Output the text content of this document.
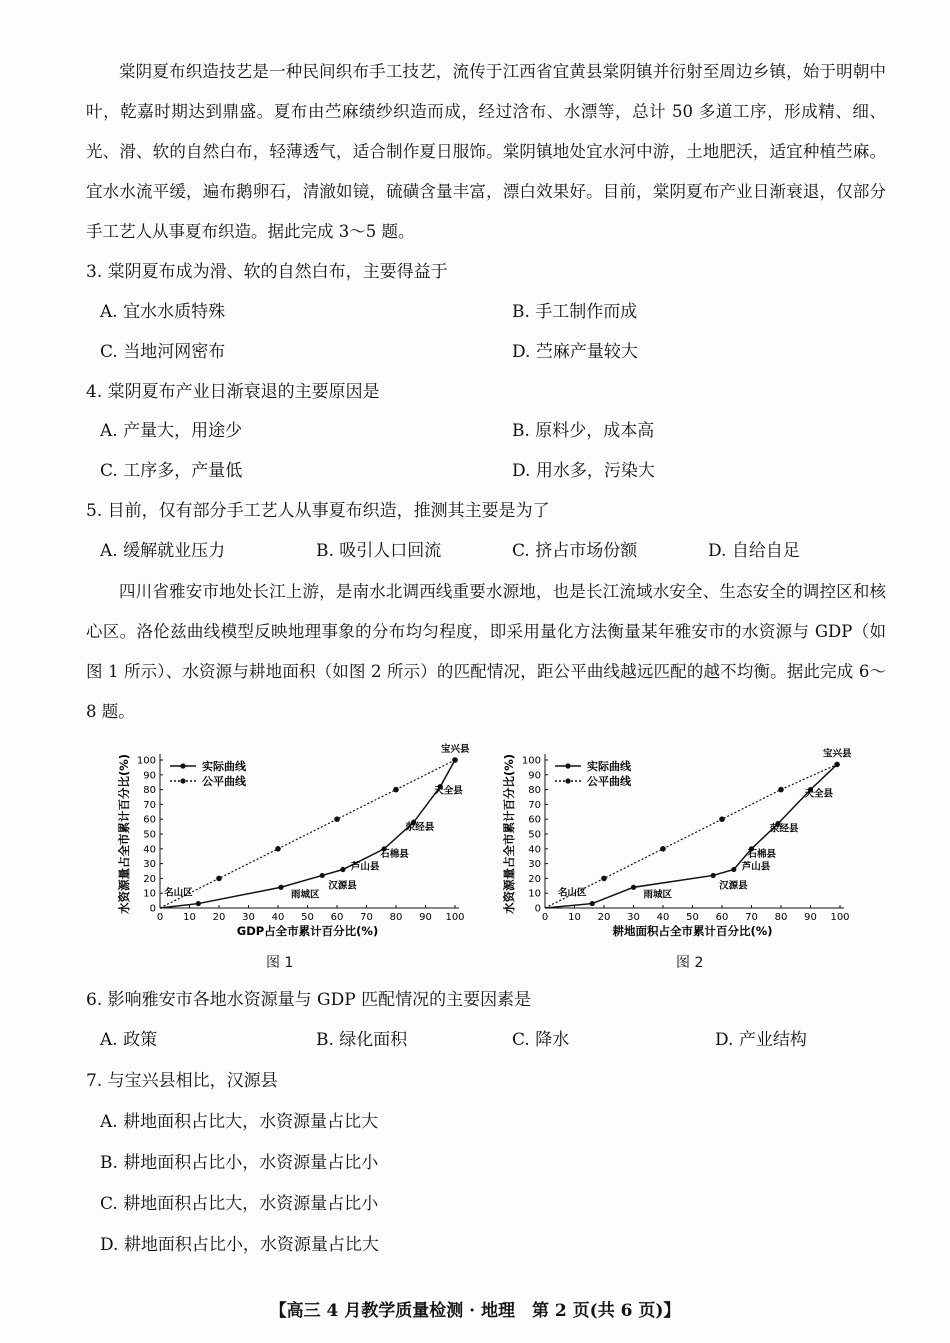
棠阴夏布织造技艺是一种民间织布手工技艺，流传于江西省宜黄县棠阴镇并衍射至周边乡镇，始于明朝中叶，乾嘉时期达到鼎盛。夏布由苎麻绩纱织造而成，经过浛布、水漂等，总计 50 多道工序，形成精、细、光、滑、软的自然白布，轻薄透气，适合制作夏日服饰。棠阴镇地处宜水河中游，土地肥沃，适宜种植苎麻。宜水水流平缓，遍布鹅卵石，清澈如镜，硫磺含量丰富，漂白效果好。目前，棠阴夏布产业日渐衰退，仅部分手工艺人从事夏布织造。据此完成 3～5 题。

3. 棠阴夏布成为滑、软的自然白布，主要得益于
A. 宜水水质特殊	B. 手工制作而成
C. 当地河网密布	D. 苎麻产量较大
4. 棠阴夏布产业日渐衰退的主要原因是
A. 产量大，用途少	B. 原料少，成本高
C. 工序多，产量低	D. 用水多，污染大
5. 目前，仅有部分手工艺人从事夏布织造，推测其主要是为了
A. 缓解就业压力	B. 吸引人口回流	C. 挤占市场份额	D. 自给自足

四川省雅安市地处长江上游，是南水北调西线重要水源地，也是长江流域水安全、生态安全的调控区和核心区。洛伦兹曲线模型反映地理事象的分布均匀程度，即采用量化方法衡量某年雅安市的水资源与 GDP（如图 1 所示）、水资源与耕地面积（如图 2 所示）的匹配情况，距公平曲线越远匹配的越不均衡。据此完成 6～8 题。

0 10 20 30 40 50 60 70 80 90 100
0
10
20
30
40
50
60
70
80
90
100
GDP占全市累计百分比(%)
水资源量占全市累计百分比(%)	实际曲线
公平曲线
名山区	雨城区
汉源县
芦山县
石棉县
荥经县
天全县
宝兴县
图 1
0 10 20 30 40 50 60 70 80 90 100
0
10
20
30
40
50
60
70
80
90
100
耕地面积占全市累计百分比(%)
水资源量占全市累计百分比(%)	实际曲线
公平曲线
名山区	雨城区
汉源县
芦山县
石棉县
荥经县
天全县
宝兴县
图 2
6. 影响雅安市各地水资源量与 GDP 匹配情况的主要因素是
A. 政策	B. 绿化面积	C. 降水	D. 产业结构
7. 与宝兴县相比，汉源县
A. 耕地面积占比大，水资源量占比大
B. 耕地面积占比小，水资源量占比小
C. 耕地面积占比大，水资源量占比小
D. 耕地面积占比小，水资源量占比大
【高三 4 月教学质量检测 · 地理　第 2 页(共 6 页)】
